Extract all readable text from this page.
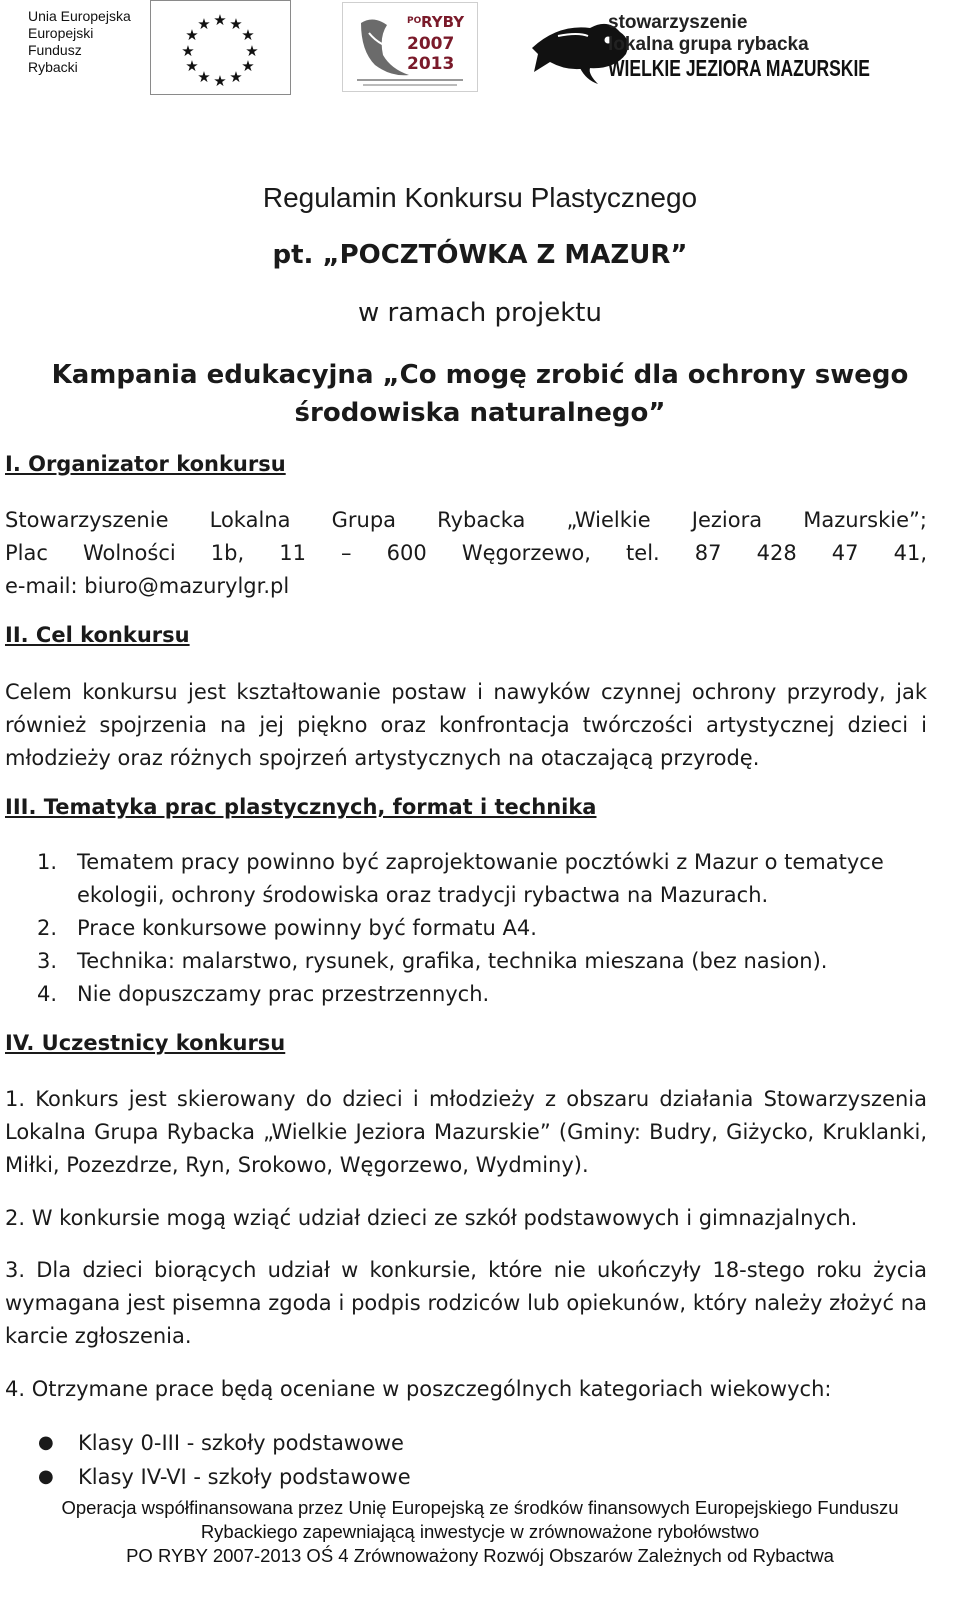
Unia Europejska
Europejski
Fundusz
Rybacki
★ ★
★
★
★
★
★
★
★
★
★
★	PO RYBY
2007
2013
stowarzyszenie
lokalna grupa rybacka
WIELKIE JEZIORA MAZURSKIE
Regulamin Konkursu Plastycznego
pt. „POCZTÓWKA Z MAZUR”
w ramach projektu
Kampania edukacyjna „Co mogę zrobić dla ochrony swego
środowiska naturalnego”
I. Organizator konkursu
Stowarzyszenie Lokalna Grupa Rybacka „Wielkie Jeziora Mazurskie”;
Plac Wolności 1b, 11 – 600 Węgorzewo, tel. 87 428 47 41,
e-mail: biuro@mazurylgr.pl
II. Cel konkursu
Celem konkursu jest kształtowanie postaw i nawyków czynnej ochrony przyrody, jak również spojrzenia na jej piękno oraz konfrontacja twórczości artystycznej dzieci i młodzieży oraz różnych spojrzeń artystycznych na otaczającą przyrodę.
III. Tematyka prac plastycznych, format i technika
1. Tematem pracy powinno być zaprojektowanie pocztówki z Mazur o tematyce ekologii, ochrony środowiska oraz tradycji rybactwa na Mazurach.
2. Prace konkursowe powinny być formatu A4.
3. Technika: malarstwo, rysunek, grafika, technika mieszana (bez nasion).
4. Nie dopuszczamy prac przestrzennych.
IV. Uczestnicy konkursu
1. Konkurs jest skierowany do dzieci i młodzieży z obszaru działania Stowarzyszenia Lokalna Grupa Rybacka „Wielkie Jeziora Mazurskie” (Gminy: Budry, Giżycko, Kruklanki, Miłki, Pozezdrze, Ryn, Srokowo, Węgorzewo, Wydminy).
2. W konkursie mogą wziąć udział dzieci ze szkół podstawowych i gimnazjalnych.
3. Dla dzieci biorących udział w konkursie, które nie ukończyły 18-stego roku życia wymagana jest pisemna zgoda i podpis rodziców lub opiekunów, który należy złożyć na karcie zgłoszenia.
4. Otrzymane prace będą oceniane w poszczególnych kategoriach wiekowych:
●	Klasy 0-III - szkoły podstawowe
●	Klasy IV-VI - szkoły podstawowe
Operacja współfinansowana przez Unię Europejską ze środków finansowych Europejskiego Funduszu
Rybackiego zapewniającą inwestycje w zrównoważone rybołówstwo
PO RYBY 2007-2013 OŚ 4 Zrównoważony Rozwój Obszarów Zależnych od Rybactwa
